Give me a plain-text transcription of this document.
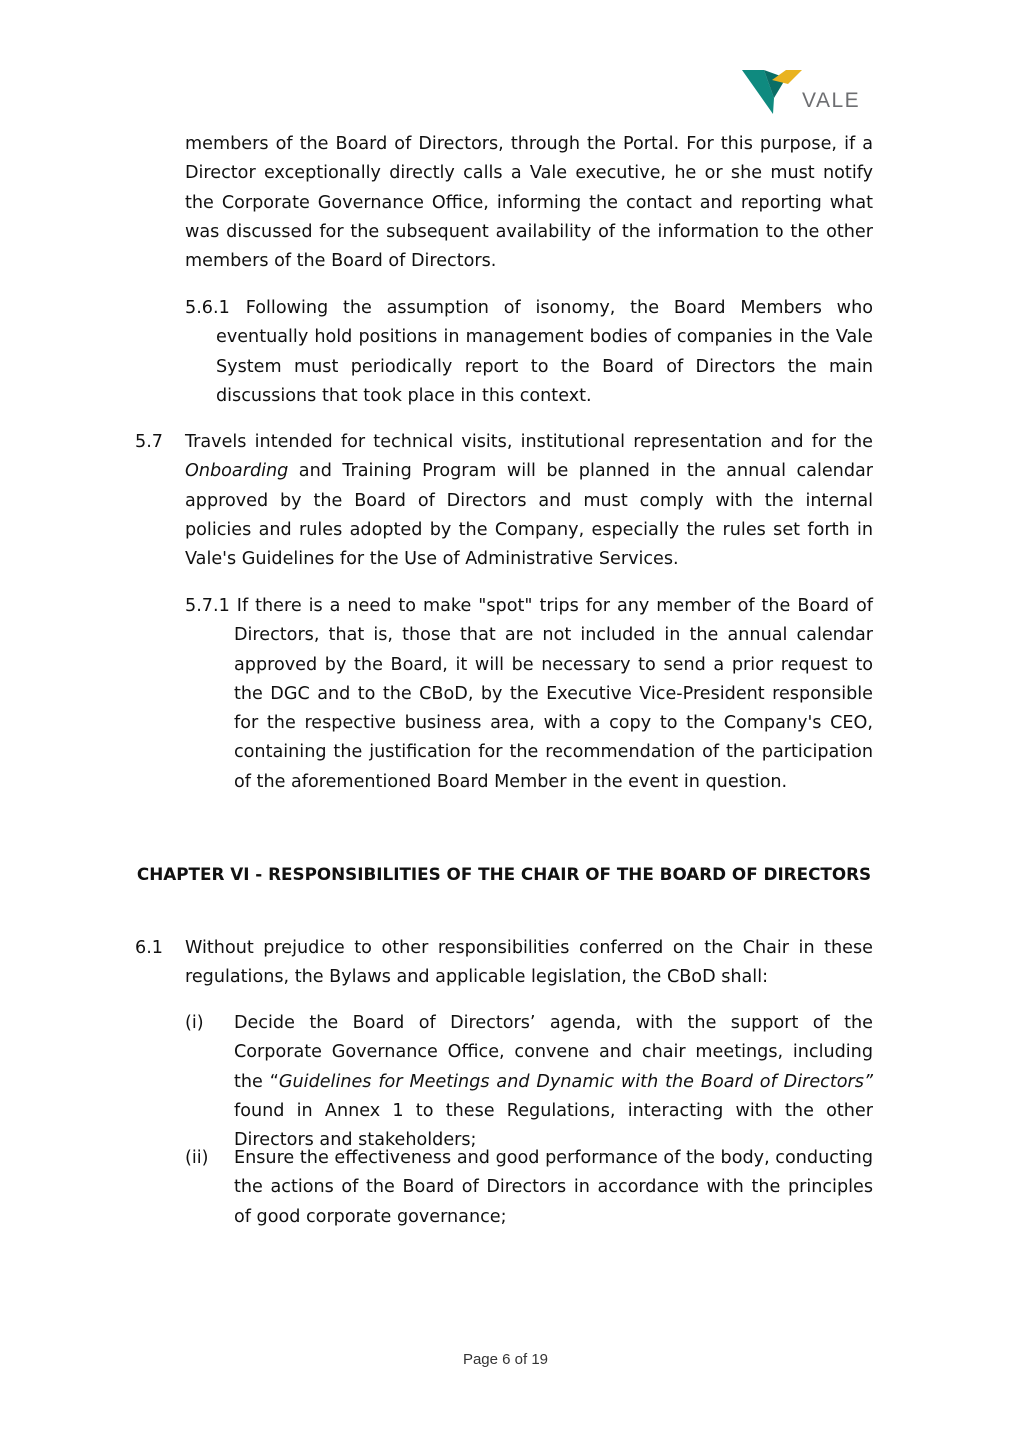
VALE

members of the Board of Directors, through the Portal. For this purpose, if a Director exceptionally directly calls a Vale executive, he or she must notify the Corporate Governance Office, informing the contact and reporting what was discussed for the subsequent availability of the information to the other members of the Board of Directors.

5.6.1 Following the assumption of isonomy, the Board Members who eventually hold positions in management bodies of companies in the Vale System must periodically report to the Board of Directors the main discussions that took place in this context.

5.7 Travels intended for technical visits, institutional representation and for the Onboarding and Training Program will be planned in the annual calendar approved by the Board of Directors and must comply with the internal policies and rules adopted by the Company, especially the rules set forth in Vale's Guidelines for the Use of Administrative Services.

5.7.1 If there is a need to make "spot" trips for any member of the Board of Directors, that is, those that are not included in the annual calendar approved by the Board, it will be necessary to send a prior request to the DGC and to the CBoD, by the Executive Vice-President responsible for the respective business area, with a copy to the Company's CEO, containing the justification for the recommendation of the participation of the aforementioned Board Member in the event in question.

CHAPTER VI - RESPONSIBILITIES OF THE CHAIR OF THE BOARD OF DIRECTORS
6.1 Without prejudice to other responsibilities conferred on the Chair in these regulations, the Bylaws and applicable legislation, the CBoD shall:

(i) Decide the Board of Directors’ agenda, with the support of the Corporate Governance Office, convene and chair meetings, including the “Guidelines for Meetings and Dynamic with the Board of Directors” found in Annex 1 to these Regulations, interacting with the other Directors and stakeholders;

(ii) Ensure the effectiveness and good performance of the body, conducting the actions of the Board of Directors in accordance with the principles of good corporate governance;

Page 6 of 19
